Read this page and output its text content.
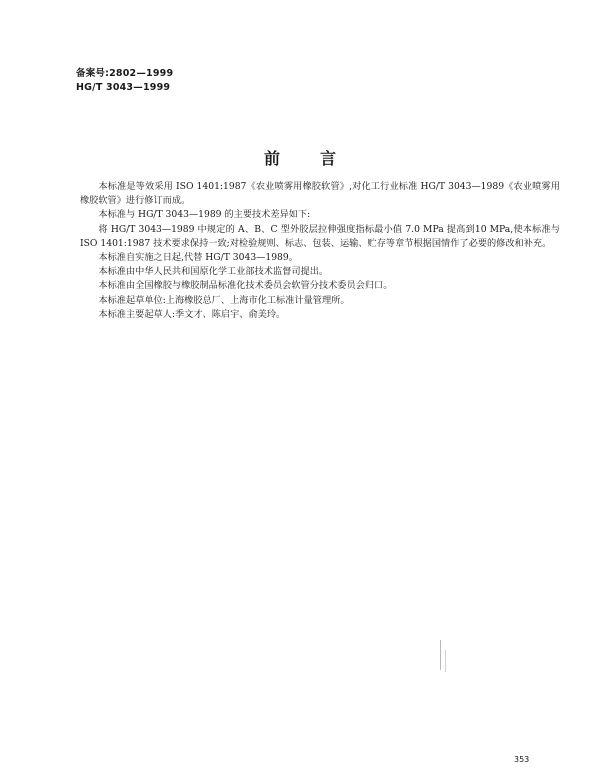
备案号:2802—1999
HG/T 3043—1999
前	言

本标准是等效采用 ISO 1401:1987《农业喷雾用橡胶软管》,对化工行业标准 HG/T 3043—1989《农业喷雾用橡胶软管》进行修订而成。

本标准与 HG/T 3043—1989 的主要技术差异如下:

将 HG/T 3043—1989 中规定的 A、B、C 型外胶层拉伸强度指标最小值 7.0 MPa 提高到10 MPa,使本标准与 ISO 1401:1987 技术要求保持一致;对检验规则、标志、包装、运输、贮存等章节根据国情作了必要的修改和补充。

本标准自实施之日起,代替 HG/T 3043—1989。

本标准由中华人民共和国原化学工业部技术监督司提出。

本标准由全国橡胶与橡胶制品标准化技术委员会软管分技术委员会归口。

本标准起草单位:上海橡胶总厂、上海市化工标准计量管理所。

本标准主要起草人:季文才、陈启宇、俞美玲。

353
